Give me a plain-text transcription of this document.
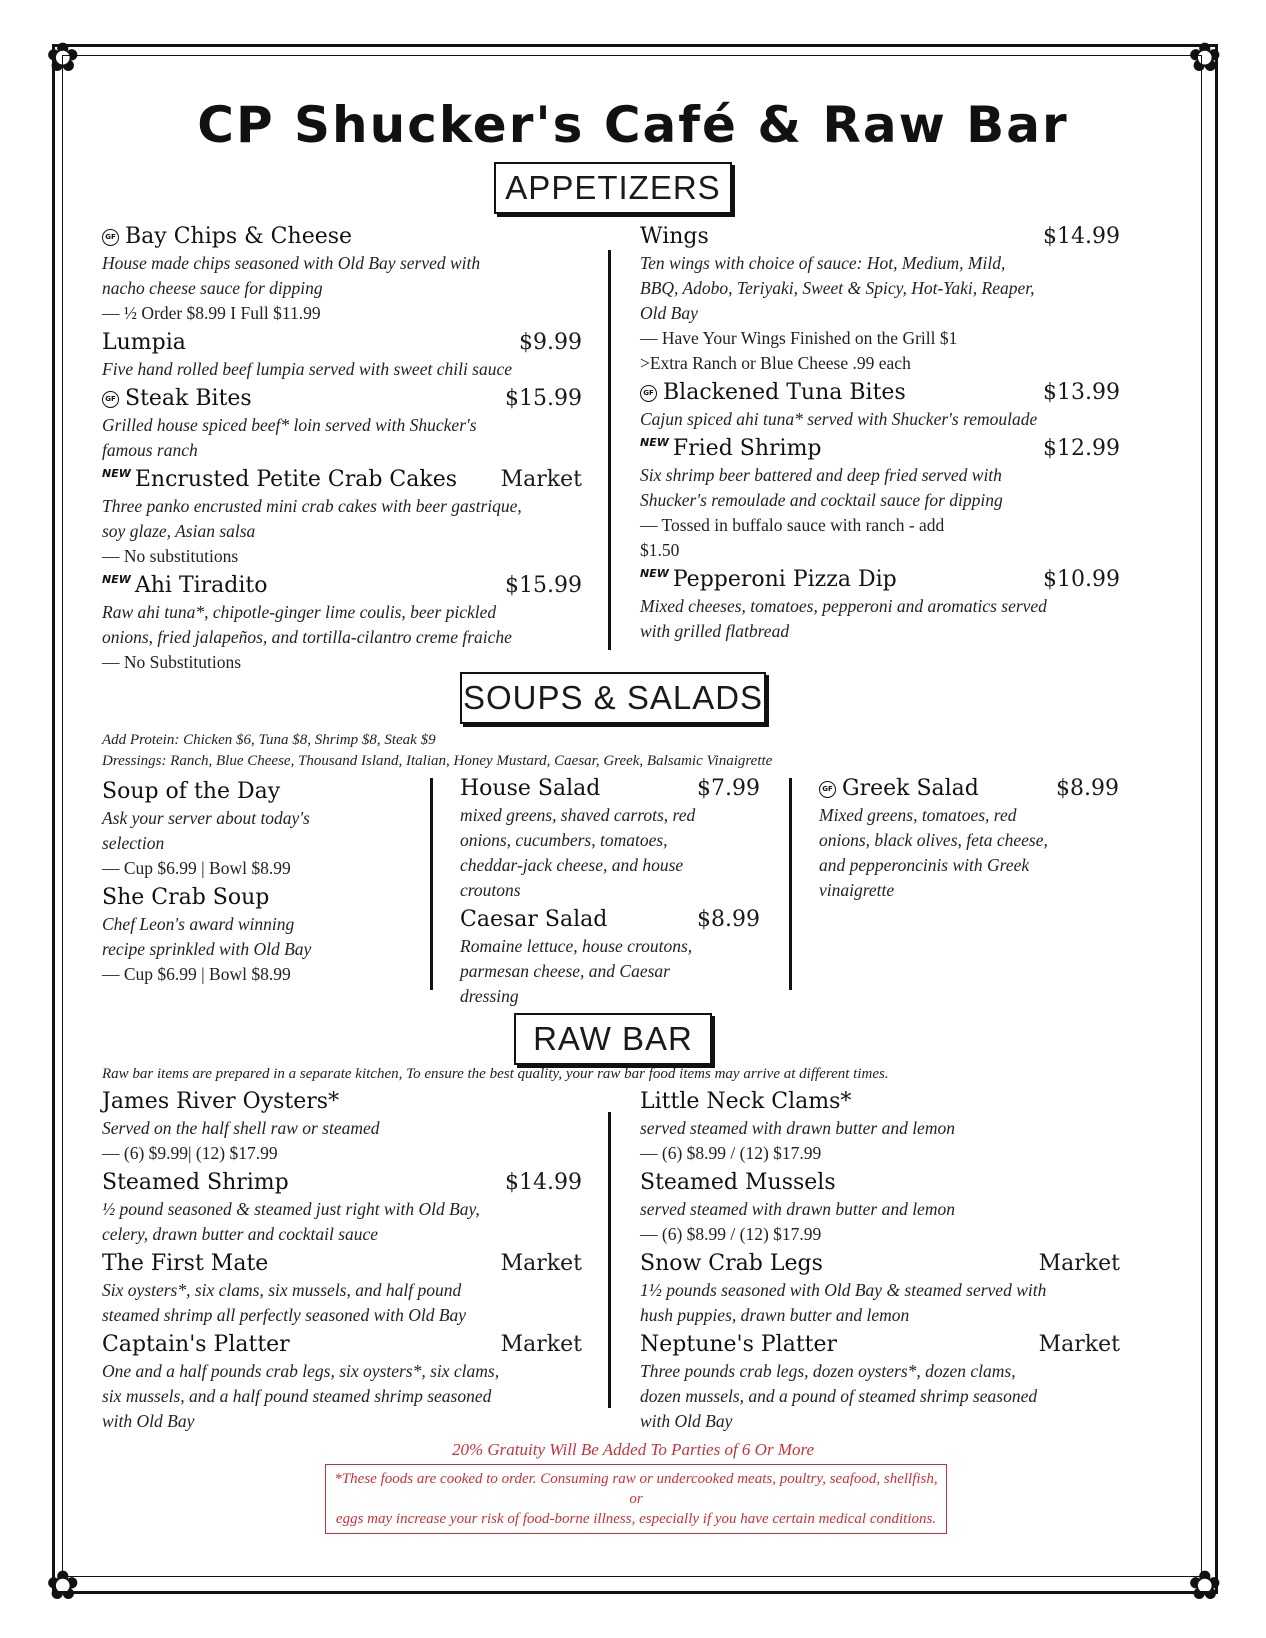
✿	✿
✿	✿
CP Shucker's Café & Raw Bar
APPETIZERS
SOUPS & SALADS
RAW BAR
GF Bay Chips & Cheese
House made chips seasoned with Old Bay served with
nacho cheese sauce for dipping
— ½ Order $8.99 I Full $11.99
Lumpia	$9.99
Five hand rolled beef lumpia served with sweet chili sauce
GF Steak Bites	$15.99
Grilled house spiced beef* loin served with Shucker's
famous ranch
NEW Encrusted Petite Crab Cakes Market
Three panko encrusted mini crab cakes with beer gastrique,
soy glaze, Asian salsa
— No substitutions
NEW Ahi Tiradito	$15.99
Raw ahi tuna*, chipotle-ginger lime coulis, beer pickled
onions, fried jalapeños, and tortilla-cilantro creme fraiche
— No Substitutions
Wings	$14.99
Ten wings with choice of sauce: Hot, Medium, Mild,
BBQ, Adobo, Teriyaki, Sweet & Spicy, Hot-Yaki, Reaper,
Old Bay
— Have Your Wings Finished on the Grill $1
>Extra Ranch or Blue Cheese .99 each
GF Blackened Tuna Bites	$13.99
Cajun spiced ahi tuna* served with Shucker's remoulade
NEW Fried Shrimp	$12.99
Six shrimp beer battered and deep fried served with
Shucker's remoulade and cocktail sauce for dipping
— Tossed in buffalo sauce with ranch - add
$1.50
NEW Pepperoni Pizza Dip	$10.99
Mixed cheeses, tomatoes, pepperoni and aromatics served
with grilled flatbread
Add Protein: Chicken $6, Tuna $8, Shrimp $8, Steak $9
Dressings: Ranch, Blue Cheese, Thousand Island, Italian, Honey Mustard, Caesar, Greek, Balsamic Vinaigrette
Soup of the Day
Ask your server about today's
selection
— Cup $6.99 | Bowl $8.99
She Crab Soup
Chef Leon's award winning
recipe sprinkled with Old Bay
— Cup $6.99 | Bowl $8.99
House Salad	$7.99
mixed greens, shaved carrots, red
onions, cucumbers, tomatoes,
cheddar-jack cheese, and house
croutons
Caesar Salad	$8.99
Romaine lettuce, house croutons,
parmesan cheese, and Caesar
dressing
GF Greek Salad	$8.99
Mixed greens, tomatoes, red
onions, black olives, feta cheese,
and pepperoncinis with Greek
vinaigrette
Raw bar items are prepared in a separate kitchen, To ensure the best quality, your raw bar food items may arrive at different times.
James River Oysters*
Served on the half shell raw or steamed
— (6) $9.99| (12) $17.99
Steamed Shrimp	$14.99
½ pound seasoned & steamed just right with Old Bay,
celery, drawn butter and cocktail sauce
The First Mate	Market
Six oysters*, six clams, six mussels, and half pound
steamed shrimp all perfectly seasoned with Old Bay
Captain's Platter	Market
One and a half pounds crab legs, six oysters*, six clams,
six mussels, and a half pound steamed shrimp seasoned
with Old Bay
Little Neck Clams*
served steamed with drawn butter and lemon
— (6) $8.99 / (12) $17.99
Steamed Mussels
served steamed with drawn butter and lemon
— (6) $8.99 / (12) $17.99
Snow Crab Legs	Market
1½ pounds seasoned with Old Bay & steamed served with
hush puppies, drawn butter and lemon
Neptune's Platter	Market
Three pounds crab legs, dozen oysters*, dozen clams,
dozen mussels, and a pound of steamed shrimp seasoned
with Old Bay
20% Gratuity Will Be Added To Parties of 6 Or More
*These foods are cooked to order. Consuming raw or undercooked meats, poultry, seafood, shellfish, or
eggs may increase your risk of food-borne illness, especially if you have certain medical conditions.
